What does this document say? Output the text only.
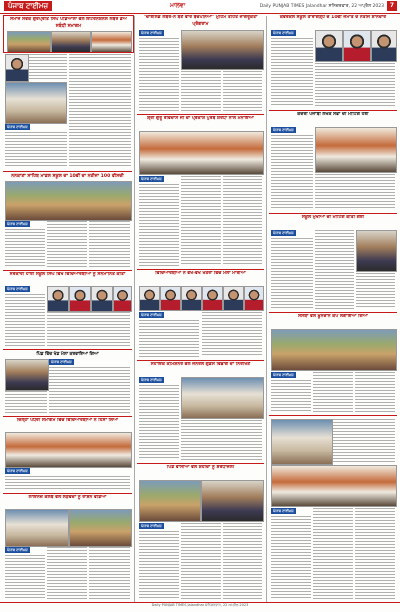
ਪੰਜਾਬ ਟਾਈਮਜ਼	ਮਾਲਵਾ	Daily PUNJAB TIMES Jalandhar ਸਨਿਚਰਵਾਰ, 22 ਅਪ੍ਰੈਲ 2023 7
ਸਮਾਜ ਸੇਵਕ ਗੁਰਪ੍ਰੀਤ ਸਿੰਘ ਪੱਡਿਆਲਾ ਵੱਲੋਂ ਇੰਟਰਨੈਸ਼ਨਲ ਲੇਬਰ ਡੇਅ ਸਬੰਧੀ ਸਮਾਗਮ
ਪੰਜਾਬ ਟਾਈਮਜ਼
ਨਨਕਾਣਾ ਸਾਹਿਬ ਮਾਡਲ ਸਕੂਲ ਦਾ 10ਵੀਂ ਦਾ ਨਤੀਜਾ 100 ਫੀਸਦੀ
ਪੰਜਾਬ ਟਾਈਮਜ਼
ਸਰਕਾਰੀ ਹਾਈ ਸਕੂਲ ਸਿੰਘ ਵਿਖੇ ਵਿਦਿਆਰਥੀਆਂ ਨੂੰ ਸਨਮਾਨਿਤ ਕੀਤਾ
ਪੰਜਾਬ ਟਾਈਮਜ਼
ਪਿੰਡ ਵਿੱਚ ਖੇਡ ਮੇਲਾ ਕਰਵਾਇਆ ਗਿਆ
ਪੰਜਾਬ ਟਾਈਮਜ਼
ਜ਼ਿਲ੍ਹਾ ਪੱਧਰੀ ਸਮਾਗਮ ਵਿੱਚ ਵਿਦਿਆਰਥੀਆਂ ਨੇ ਹਿੱਸਾ ਲਿਆ
ਪੰਜਾਬ ਟਾਈਮਜ਼
ਲਾਇਨਜ਼ ਕਲੱਬ ਵੱਲੋਂ ਲੋੜਵੰਦਾਂ ਨੂੰ ਰਾਸ਼ਨ ਵੰਡਿਆ
ਪੰਜਾਬ ਟਾਈਮਜ਼
"ਚਾਈਲਡ ਲੇਬਰ-ਨੇ ਬਣ ਵਾਰ ਬਚਪਨਿਆਂ" ਮੁਹਿੰਮ ਤਹਿਤ ਜਾਗਰੂਕਤਾ ਪ੍ਰੋਗਰਾਮ
ਪੰਜਾਬ ਟਾਈਮਜ਼
ਸ਼੍ਰੀ ਗੁਰੂ ਰਵਿਦਾਸ ਜੀ ਦਾ ਪ੍ਰਕਾਸ਼ ਪੁਰਬ ਸ਼ਰਧਾ ਨਾਲ ਮਨਾਇਆ
ਪੰਜਾਬ ਟਾਈਮਜ਼
ਵਿਦਿਆਰਥੀਆਂ ਨੇ ਵੱਖ-ਵੱਖ ਖੇਤਰਾਂ ਵਿੱਚ ਮੱਲਾਂ ਮਾਰੀਆਂ
ਪੰਜਾਬ ਟਾਈਮਜ਼
ਸਹਾਇਕ ਕਮਿਸ਼ਨਰ ਵੱਲੋਂ ਜਨਰਲ ਗੁੱਡਸ ਵਿਭਾਗ ਦਾ ਨਿਰੀਖਣ
ਪੰਜਾਬ ਟਾਈਮਜ਼
ਪਿੰਡ ਵਾਸੀਆਂ ਵੱਲੋਂ ਸ਼ਹੀਦਾਂ ਨੂੰ ਸ਼ਰਧਾਂਜਲੀ
ਪੰਜਾਬ ਟਾਈਮਜ਼
ਕੰਵਰਕਲੇ ਸਕੂਲ ਤਾਰਾਗੜ੍ਹ ਦੇ 10ਵੀਂ ਜਮਾਤ ਦੇ ਨਤੀਜੇ ਸ਼ਾਨਦਾਰ
ਪੰਜਾਬ ਟਾਈਮਜ਼
ਕੇਂਦਰੀ ਪੰਜਾਬੀ ਲੇਖਕ ਸਭਾ ਦੀ ਮੀਟਿੰਗ ਹੋਈ
ਪੰਜਾਬ ਟਾਈਮਜ਼
ਸਕੂਲ ਮੁਖੀਆਂ ਦੀ ਮੀਟਿੰਗ ਕੀਤੀ ਗਈ
ਪੰਜਾਬ ਟਾਈਮਜ਼
ਸੰਸਥਾ ਵੱਲੋਂ ਖ਼ੂਨਦਾਨ ਕੈਂਪ ਲਗਾਇਆ ਗਿਆ
ਪੰਜਾਬ ਟਾਈਮਜ਼
ਪੰਜਾਬ ਟਾਈਮਜ਼
Daily PUNJAB TIMES Jalandhar ਸਨਿਚਰਵਾਰ, 22 ਅਪ੍ਰੈਲ 2023
